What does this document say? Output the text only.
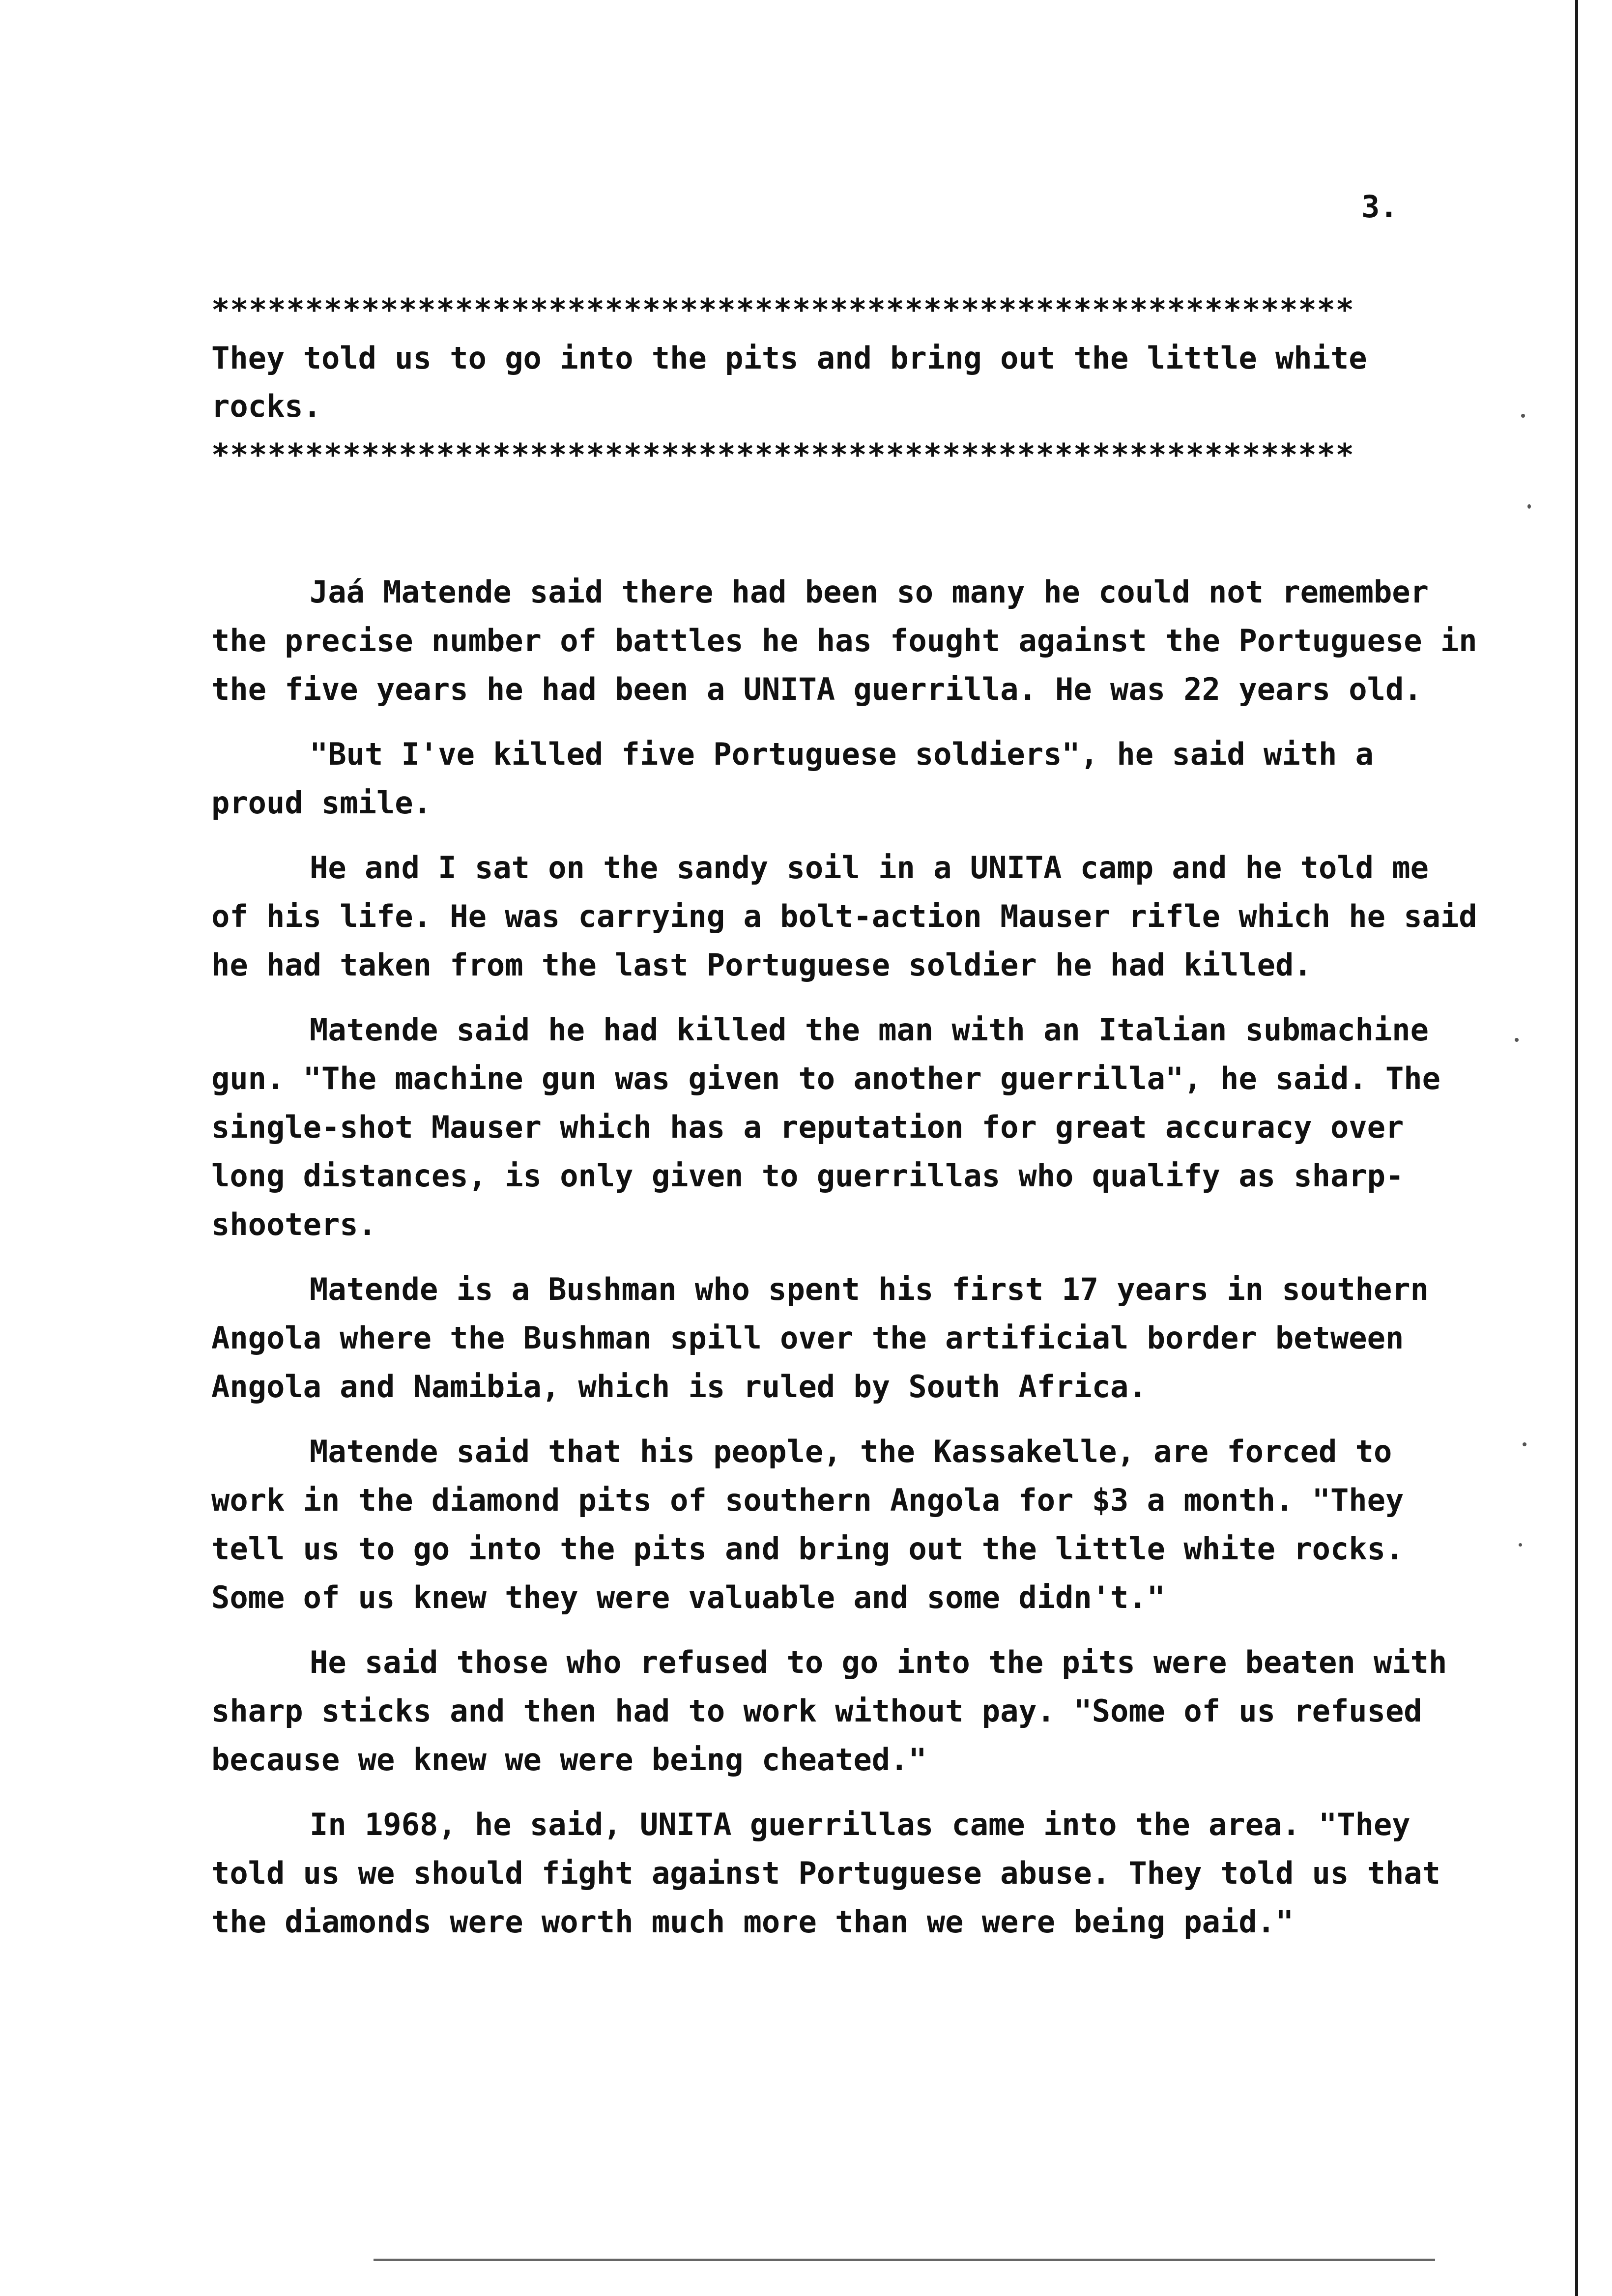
3.
*************************************************************

They told us to go into the pits and bring out the little white rocks.

*************************************************************

Jaá Matende said there had been so many he could not remember the precise number of battles he has fought against the Portuguese in the five years he had been a UNITA guerrilla. He was 22 years old.

"But I've killed five Portuguese soldiers", he said with a proud smile.

He and I sat on the sandy soil in a UNITA camp and he told me of his life. He was carrying a bolt-action Mauser rifle which he said he had taken from the last Portuguese soldier he had killed.

Matende said he had killed the man with an Italian submachine gun. "The machine gun was given to another guerrilla", he said. The single-shot Mauser which has a reputation for great accuracy over long distances, is only given to guerrillas who qualify as sharp-shooters.

Matende is a Bushman who spent his first 17 years in southern Angola where the Bushman spill over the artificial border between Angola and Namibia, which is ruled by South Africa.

Matende said that his people, the Kassakelle, are forced to work in the diamond pits of southern Angola for $3 a month. "They tell us to go into the pits and bring out the little white rocks. Some of us knew they were valuable and some didn't."

He said those who refused to go into the pits were beaten with sharp sticks and then had to work without pay. "Some of us refused because we knew we were being cheated."

In 1968, he said, UNITA guerrillas came into the area. "They told us we should fight against Portuguese abuse. They told us that the diamonds were worth much more than we were being paid."
